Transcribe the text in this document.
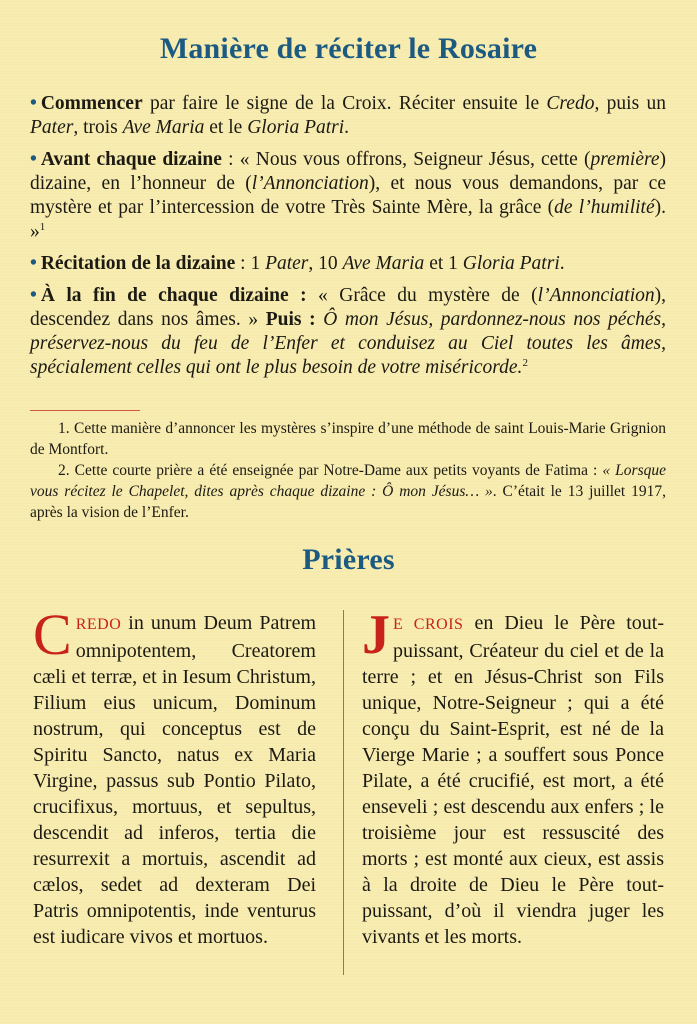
Manière de réciter le Rosaire

• Commencer par faire le signe de la Croix. Réciter ensuite le Credo, puis un Pater, trois Ave Maria et le Gloria Patri.

• Avant chaque dizaine : « Nous vous offrons, Seigneur Jésus, cette (première) dizaine, en l’honneur de (l’Annonciation), et nous vous demandons, par ce mystère et par l’intercession de votre Très Sainte Mère, la grâce (de l’humilité). »$^1$

• Récitation de la dizaine : 1 Pater, 10 Ave Maria et 1 Gloria Patri.

• À la fin de chaque dizaine : « Grâce du mystère de (l’Annonciation), descendez dans nos âmes. » Puis : Ô mon Jésus, pardonnez-nous nos péchés, préservez-nous du feu de l’Enfer et conduisez au Ciel toutes les âmes, spécialement celles qui ont le plus besoin de votre miséricorde.$^2$

1. Cette manière d’annoncer les mystères s’inspire d’une méthode de saint Louis-Marie Grignion de Montfort.

2. Cette courte prière a été enseignée par Notre-Dame aux petits voyants de Fatima : « Lorsque vous récitez le Chapelet, dites après chaque dizaine : Ô mon Jésus… ». C’était le 13 juillet 1917, après la vision de l’Enfer.

Prières
CREDO in unum Deum Patrem omnipotentem, Creatorem cæli et terræ, et in Iesum Christum, Filium eius unicum, Dominum nostrum, qui conceptus est de Spiritu Sancto, natus ex Maria Virgine, passus sub Pontio Pilato, crucifixus, mortuus, et sepultus, descendit ad inferos, tertia die resurrexit a mortuis, ascendit ad cælos, sedet ad dexteram Dei Patris omnipotentis, inde venturus est iudicare vivos et mortuos.
J E CROIS en Dieu le Père tout-puissant, Créateur du ciel et de la terre ; et en Jésus-Christ son Fils unique, Notre-Seigneur ; qui a été conçu du Saint-Esprit, est né de la Vierge Marie ; a souffert sous Ponce Pilate, a été crucifié, est mort, a été enseveli ; est descendu aux enfers ; le troisième jour est ressuscité des morts ; est monté aux cieux, est assis à la droite de Dieu le Père tout-puissant, d’où il viendra juger les vivants et les morts.
